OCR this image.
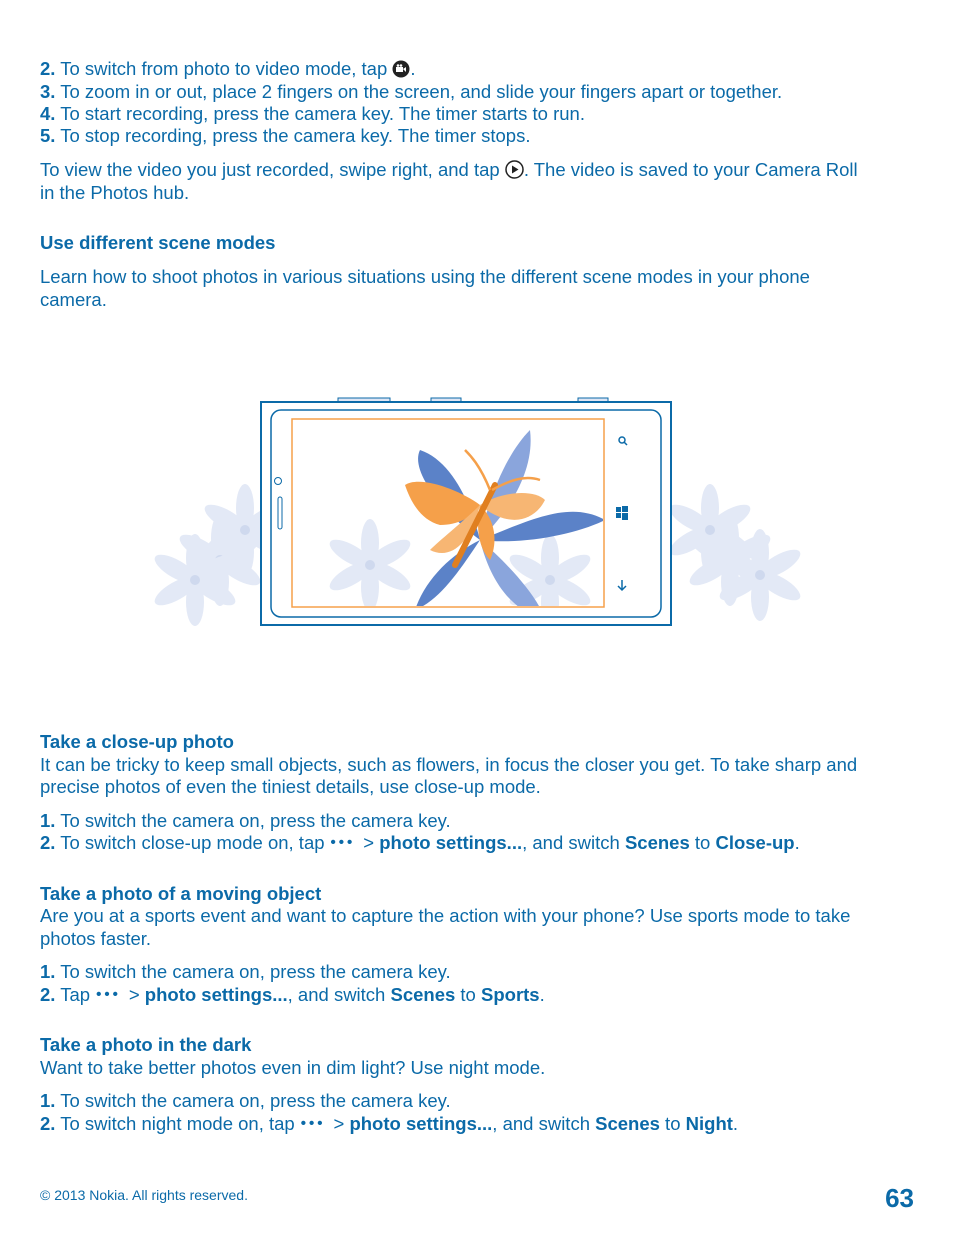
2. To switch from photo to video mode, tap .
3. To zoom in or out, place 2 fingers on the screen, and slide your fingers apart or together.
4. To start recording, press the camera key. The timer starts to run.
5. To stop recording, press the camera key. The timer stops.
To view the video you just recorded, swipe right, and tap . The video is saved to your Camera Roll
in the Photos hub.
Use different scene modes
Learn how to shoot photos in various situations using the different scene modes in your phone
camera.
Take a close-up photo
It can be tricky to keep small objects, such as flowers, in focus the closer you get. To take sharp and
precise photos of even the tiniest details, use close-up mode.
1. To switch the camera on, press the camera key.
2. To switch close-up mode on, tap ••• > photo settings..., and switch Scenes to Close-up.
Take a photo of a moving object
Are you at a sports event and want to capture the action with your phone? Use sports mode to take
photos faster.
1. To switch the camera on, press the camera key.
2. Tap ••• > photo settings..., and switch Scenes to Sports.
Take a photo in the dark
Want to take better photos even in dim light? Use night mode.
1. To switch the camera on, press the camera key.
2. To switch night mode on, tap ••• > photo settings..., and switch Scenes to Night.
© 2013 Nokia. All rights reserved.	63
